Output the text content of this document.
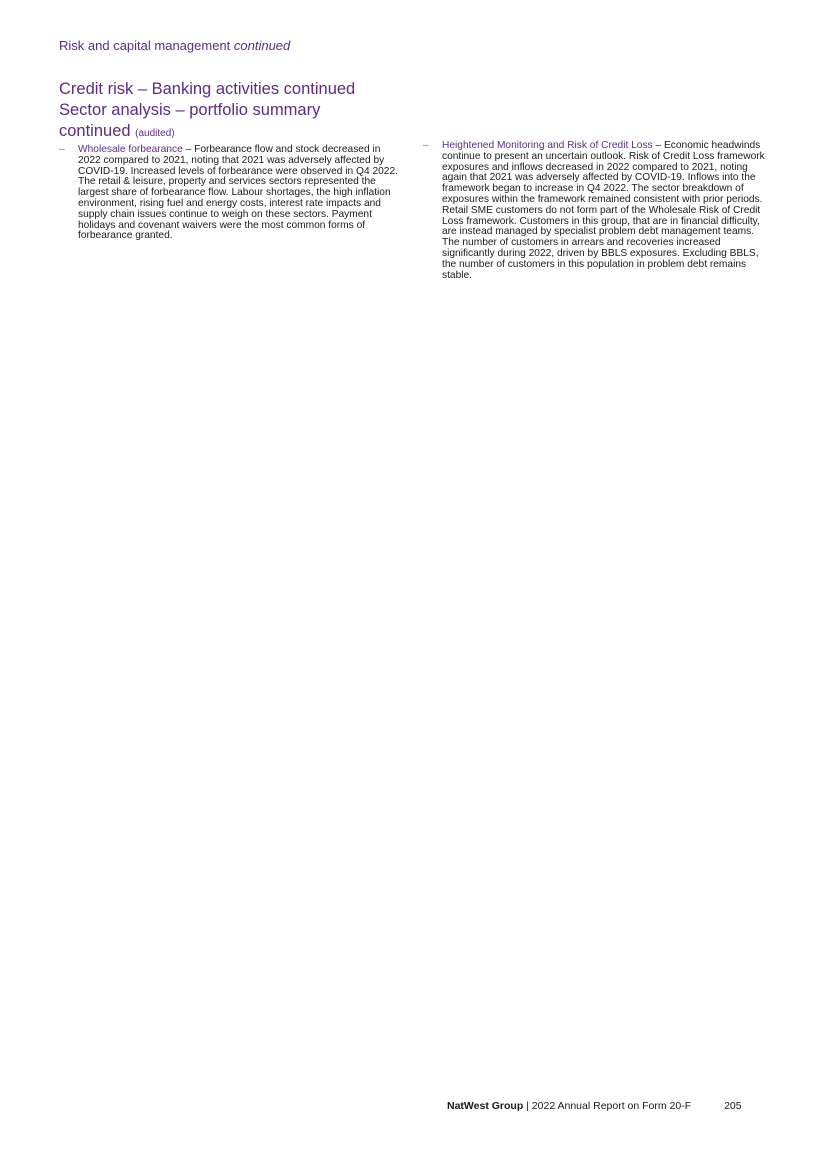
Risk and capital management continued
Credit risk – Banking activities continued
Sector analysis – portfolio summary
continued (audited)
– Wholesale forbearance – Forbearance flow and stock decreased in 2022 compared to 2021, noting that 2021 was adversely affected by COVID-19. Increased levels of forbearance were observed in Q4 2022. The retail & leisure, property and services sectors represented the largest share of forbearance flow. Labour shortages, the high inflation environment, rising fuel and energy costs, interest rate impacts and supply chain issues continue to weigh on these sectors. Payment holidays and covenant waivers were the most common forms of forbearance granted.
– Heightened Monitoring and Risk of Credit Loss – Economic headwinds continue to present an uncertain outlook. Risk of Credit Loss framework exposures and inflows decreased in 2022 compared to 2021, noting again that 2021 was adversely affected by COVID-19. Inflows into the framework began to increase in Q4 2022. The sector breakdown of exposures within the framework remained consistent with prior periods. Retail SME customers do not form part of the Wholesale Risk of Credit Loss framework. Customers in this group, that are in financial difficulty, are instead managed by specialist problem debt management teams. The number of customers in arrears and recoveries increased significantly during 2022, driven by BBLS exposures. Excluding BBLS, the number of customers in this population in problem debt remains stable.
NatWest Group | 2022 Annual Report on Form 20-F	205
